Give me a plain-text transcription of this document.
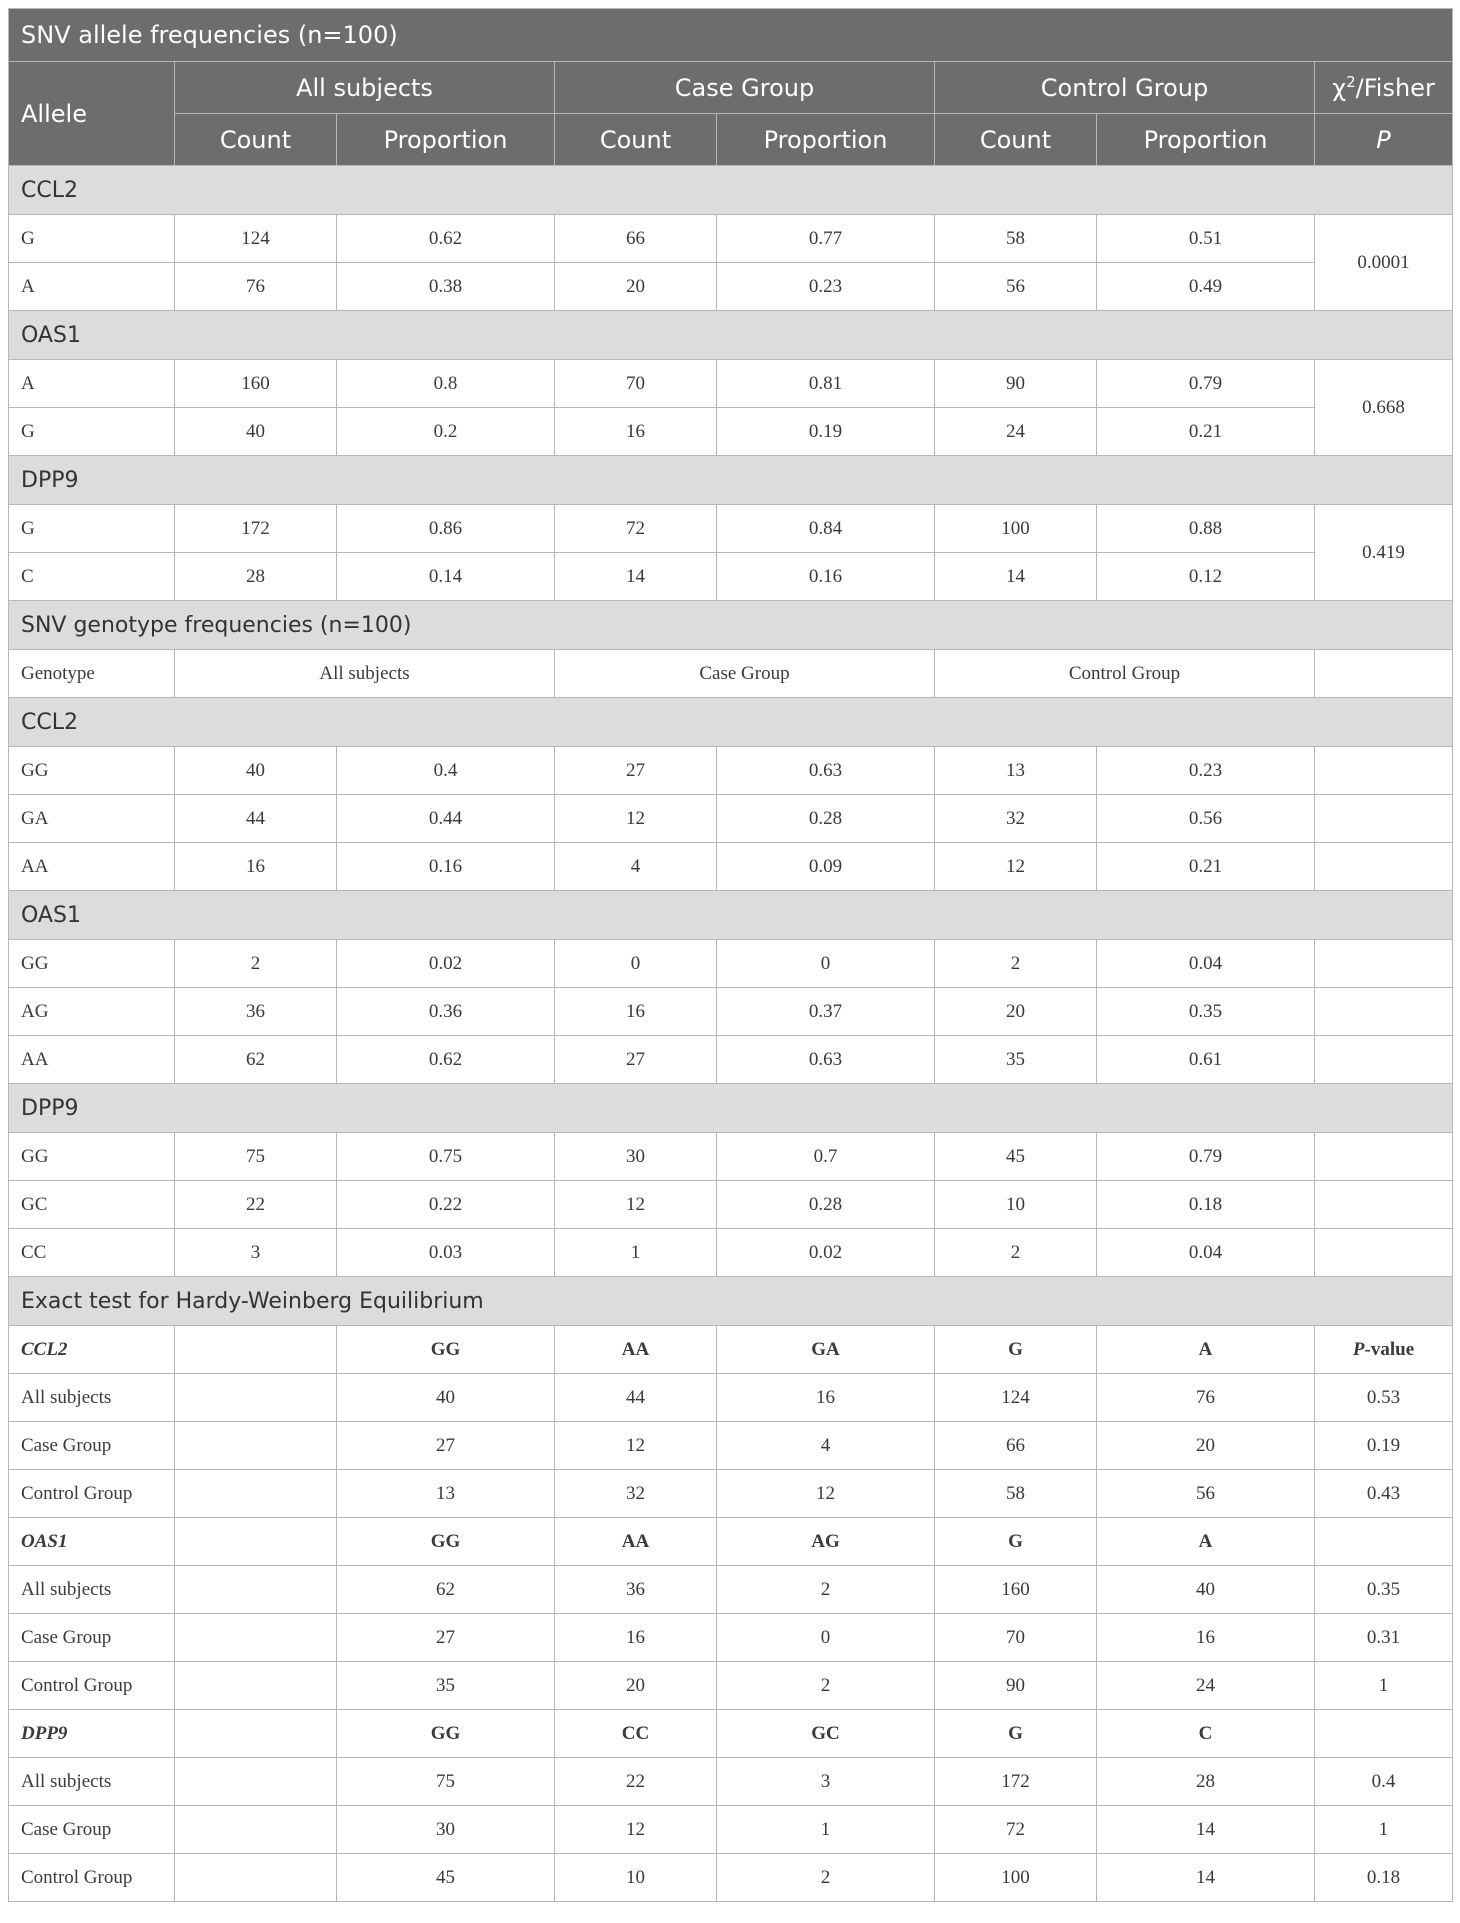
SNV allele frequencies (n=100)							
Allele	All subjects		Case Group		Control Group		$\chi^2$/Fisher
	Count	Proportion	Count	Proportion	Count	Proportion	P
CCL2							
G	124	0.62	66	0.77	58	0.51	0.0001
A	76	0.38	20	0.23	56	0.49	
OAS1							
A	160	0.8	70	0.81	90	0.79	0.668
G	40	0.2	16	0.19	24	0.21	
DPP9							
G	172	0.86	72	0.84	100	0.88	0.419
C	28	0.14	14	0.16	14	0.12	
SNV genotype frequencies (n=100)							
Genotype	All subjects		Case Group		Control Group		
CCL2							
GG	40	0.4	27	0.63	13	0.23	
GA	44	0.44	12	0.28	32	0.56	
AA	16	0.16	4	0.09	12	0.21	
OAS1							
GG	2	0.02	0	0	2	0.04	
AG	36	0.36	16	0.37	20	0.35	
AA	62	0.62	27	0.63	35	0.61	
DPP9							
GG	75	0.75	30	0.7	45	0.79	
GC	22	0.22	12	0.28	10	0.18	
CC	3	0.03	1	0.02	2	0.04	
Exact test for Hardy-Weinberg Equilibrium							
CCL2		GG	AA	GA	G	A	P-value
All subjects		40	44	16	124	76	0.53
Case Group		27	12	4	66	20	0.19
Control Group		13	32	12	58	56	0.43
OAS1		GG	AA	AG	G	A	
All subjects		62	36	2	160	40	0.35
Case Group		27	16	0	70	16	0.31
Control Group		35	20	2	90	24	1
DPP9		GG	CC	GC	G	C	
All subjects		75	22	3	172	28	0.4
Case Group		30	12	1	72	14	1
Control Group		45	10	2	100	14	0.18
